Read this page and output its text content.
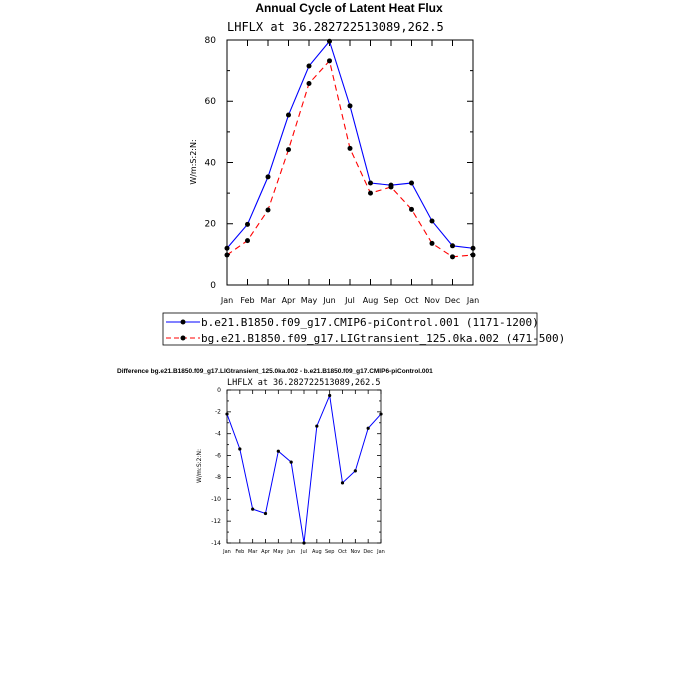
Annual Cycle of Latent Heat Flux
LHFLX at 36.282722513089,262.5
Jan Feb Mar Apr May Jun Jul Aug Sep Oct Nov Dec Jan
0
20
40
60
80
W/m:S:2:N:
b.e21.B1850.f09_g17.CMIP6-piControl.001 (1171-1200)
bg.e21.B1850.f09_g17.LIGtransient_125.0ka.002 (471-500)
Difference bg.e21.B1850.f09_g17.LIGtransient_125.0ka.002 - b.e21.B1850.f09_g17.CMIP6-piControl.001
LHFLX at 36.282722513089,262.5
Jan Feb Mar Apr May Jun Jul Aug Sep Oct Nov Dec Jan
0
-2
-4
-6
-8
-10
-12
-14
W/m:S:2:N:
